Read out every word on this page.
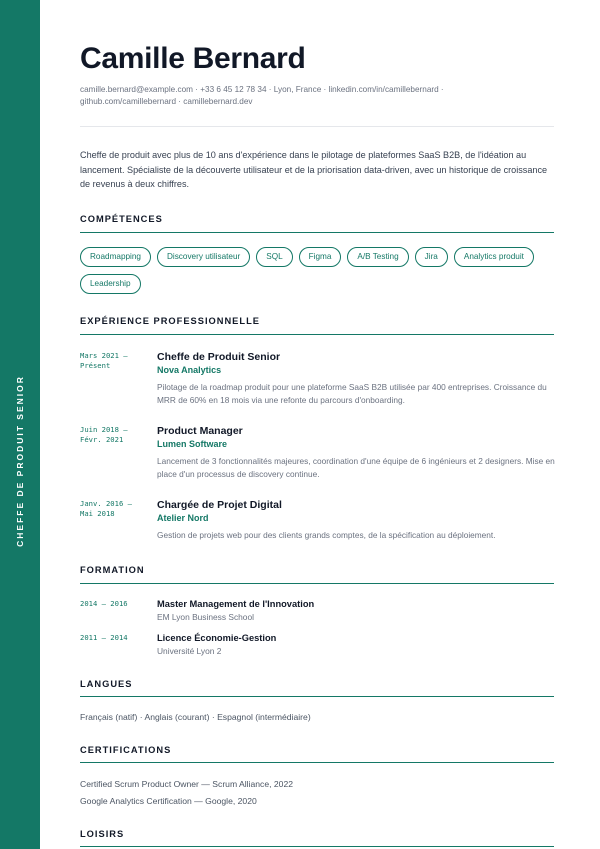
CHEFFE DE PRODUIT SENIOR
Camille Bernard
camille.bernard@example.com · +33 6 45 12 78 34 · Lyon, France · linkedin.com/in/camillebernard ·
github.com/camillebernard · camillebernard.dev
Cheffe de produit avec plus de 10 ans d'expérience dans le pilotage de plateformes SaaS B2B, de l'idéation au lancement. Spécialiste de la découverte utilisateur et de la priorisation data-driven, avec un historique de croissance de revenus à deux chiffres.
COMPÉTENCES
Roadmapping	Discovery utilisateur	SQL	Figma	A/B Testing	Jira	Analytics produit
Leadership
EXPÉRIENCE PROFESSIONNELLE
Mars 2021 –
Présent
Cheffe de Produit Senior
Nova Analytics
Pilotage de la roadmap produit pour une plateforme SaaS B2B utilisée par 400 entreprises. Croissance du MRR de 60% en 18 mois via une refonte du parcours d'onboarding.
Juin 2018 –
Févr. 2021
Product Manager
Lumen Software
Lancement de 3 fonctionnalités majeures, coordination d'une équipe de 6 ingénieurs et 2 designers. Mise en place d'un processus de discovery continue.
Janv. 2016 –
Mai 2018
Chargée de Projet Digital
Atelier Nord
Gestion de projets web pour des clients grands comptes, de la spécification au déploiement.
FORMATION
2014 – 2016	Master Management de l'Innovation
EM Lyon Business School
2011 – 2014	Licence Économie-Gestion
Université Lyon 2
LANGUES
Français (natif) · Anglais (courant) · Espagnol (intermédiaire)
CERTIFICATIONS
Certified Scrum Product Owner — Scrum Alliance, 2022
Google Analytics Certification — Google, 2020
LOISIRS
